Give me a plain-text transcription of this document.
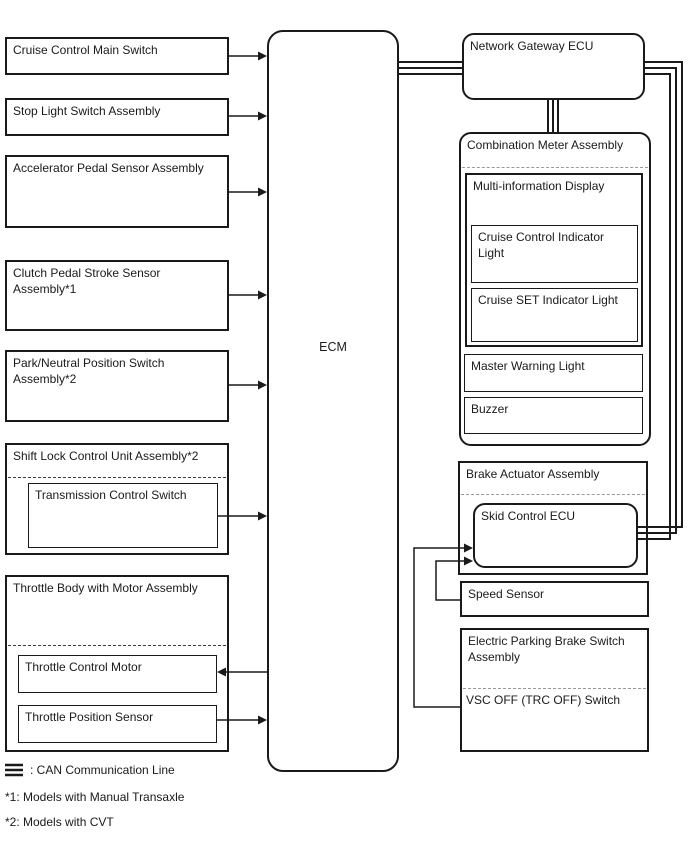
Cruise Control Main Switch
Stop Light Switch Assembly
Accelerator Pedal Sensor Assembly
Clutch Pedal Stroke Sensor Assembly*1
Park/Neutral Position Switch Assembly*2
Shift Lock Control Unit Assembly*2
Transmission Control Switch
Throttle Body with Motor Assembly
Throttle Control Motor
Throttle Position Sensor
ECM
Network Gateway ECU
Combination Meter Assembly
Multi-information Display
Cruise Control Indicator Light
Cruise SET Indicator Light
Master Warning Light
Buzzer
Brake Actuator Assembly
Skid Control ECU
Speed Sensor
Electric Parking Brake Switch Assembly
VSC OFF (TRC OFF) Switch
: CAN Communication Line
*1: Models with Manual Transaxle
*2: Models with CVT
